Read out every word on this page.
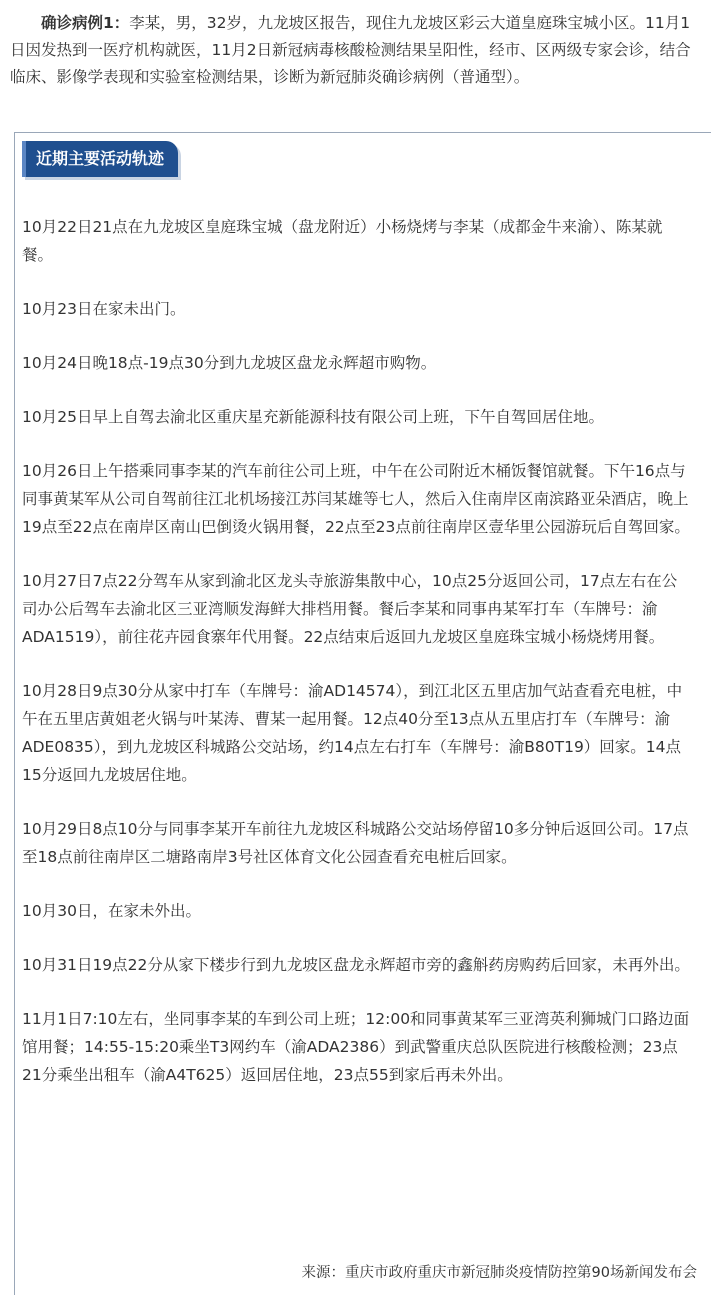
确诊病例1：李某，男，32岁，九龙坡区报告，现住九龙坡区彩云大道皇庭珠宝城小区。11月1日因发热到一医疗机构就医，11月2日新冠病毒核酸检测结果呈阳性，经市、区两级专家会诊，结合临床、影像学表现和实验室检测结果，诊断为新冠肺炎确诊病例（普通型）。

近期主要活动轨迹
10月22日21点在九龙坡区皇庭珠宝城（盘龙附近）小杨烧烤与李某（成都金牛来渝）、陈某就餐。
10月23日在家未出门。
10月24日晚18点-19点30分到九龙坡区盘龙永辉超市购物。
10月25日早上自驾去渝北区重庆星充新能源科技有限公司上班，下午自驾回居住地。
10月26日上午搭乘同事李某的汽车前往公司上班，中午在公司附近木桶饭餐馆就餐。下午16点与同事黄某军从公司自驾前往江北机场接江苏闫某雄等七人，然后入住南岸区南滨路亚朵酒店，晚上19点至22点在南岸区南山巴倒烫火锅用餐，22点至23点前往南岸区壹华里公园游玩后自驾回家。
10月27日7点22分驾车从家到渝北区龙头寺旅游集散中心，10点25分返回公司，17点左右在公司办公后驾车去渝北区三亚湾顺发海鲜大排档用餐。餐后李某和同事冉某军打车（车牌号：渝ADA1519），前往花卉园食寨年代用餐。22点结束后返回九龙坡区皇庭珠宝城小杨烧烤用餐。
10月28日9点30分从家中打车（车牌号：渝AD14574），到江北区五里店加气站查看充电桩，中午在五里店黄姐老火锅与叶某涛、曹某一起用餐。12点40分至13点从五里店打车（车牌号：渝ADE0835），到九龙坡区科城路公交站场，约14点左右打车（车牌号：渝B80T19）回家。14点15分返回九龙坡居住地。
10月29日8点10分与同事李某开车前往九龙坡区科城路公交站场停留10多分钟后返回公司。17点至18点前往南岸区二塘路南岸3号社区体育文化公园查看充电桩后回家。
10月30日，在家未外出。
10月31日19点22分从家下楼步行到九龙坡区盘龙永辉超市旁的鑫斛药房购药后回家，未再外出。
11月1日7:10左右，坐同事李某的车到公司上班；12:00和同事黄某军三亚湾英利狮城门口路边面馆用餐；14:55-15:20乘坐T3网约车（渝ADA2386）到武警重庆总队医院进行核酸检测；23点21分乘坐出租车（渝A4T625）返回居住地，23点55到家后再未外出。
来源：重庆市政府重庆市新冠肺炎疫情防控第90场新闻发布会
